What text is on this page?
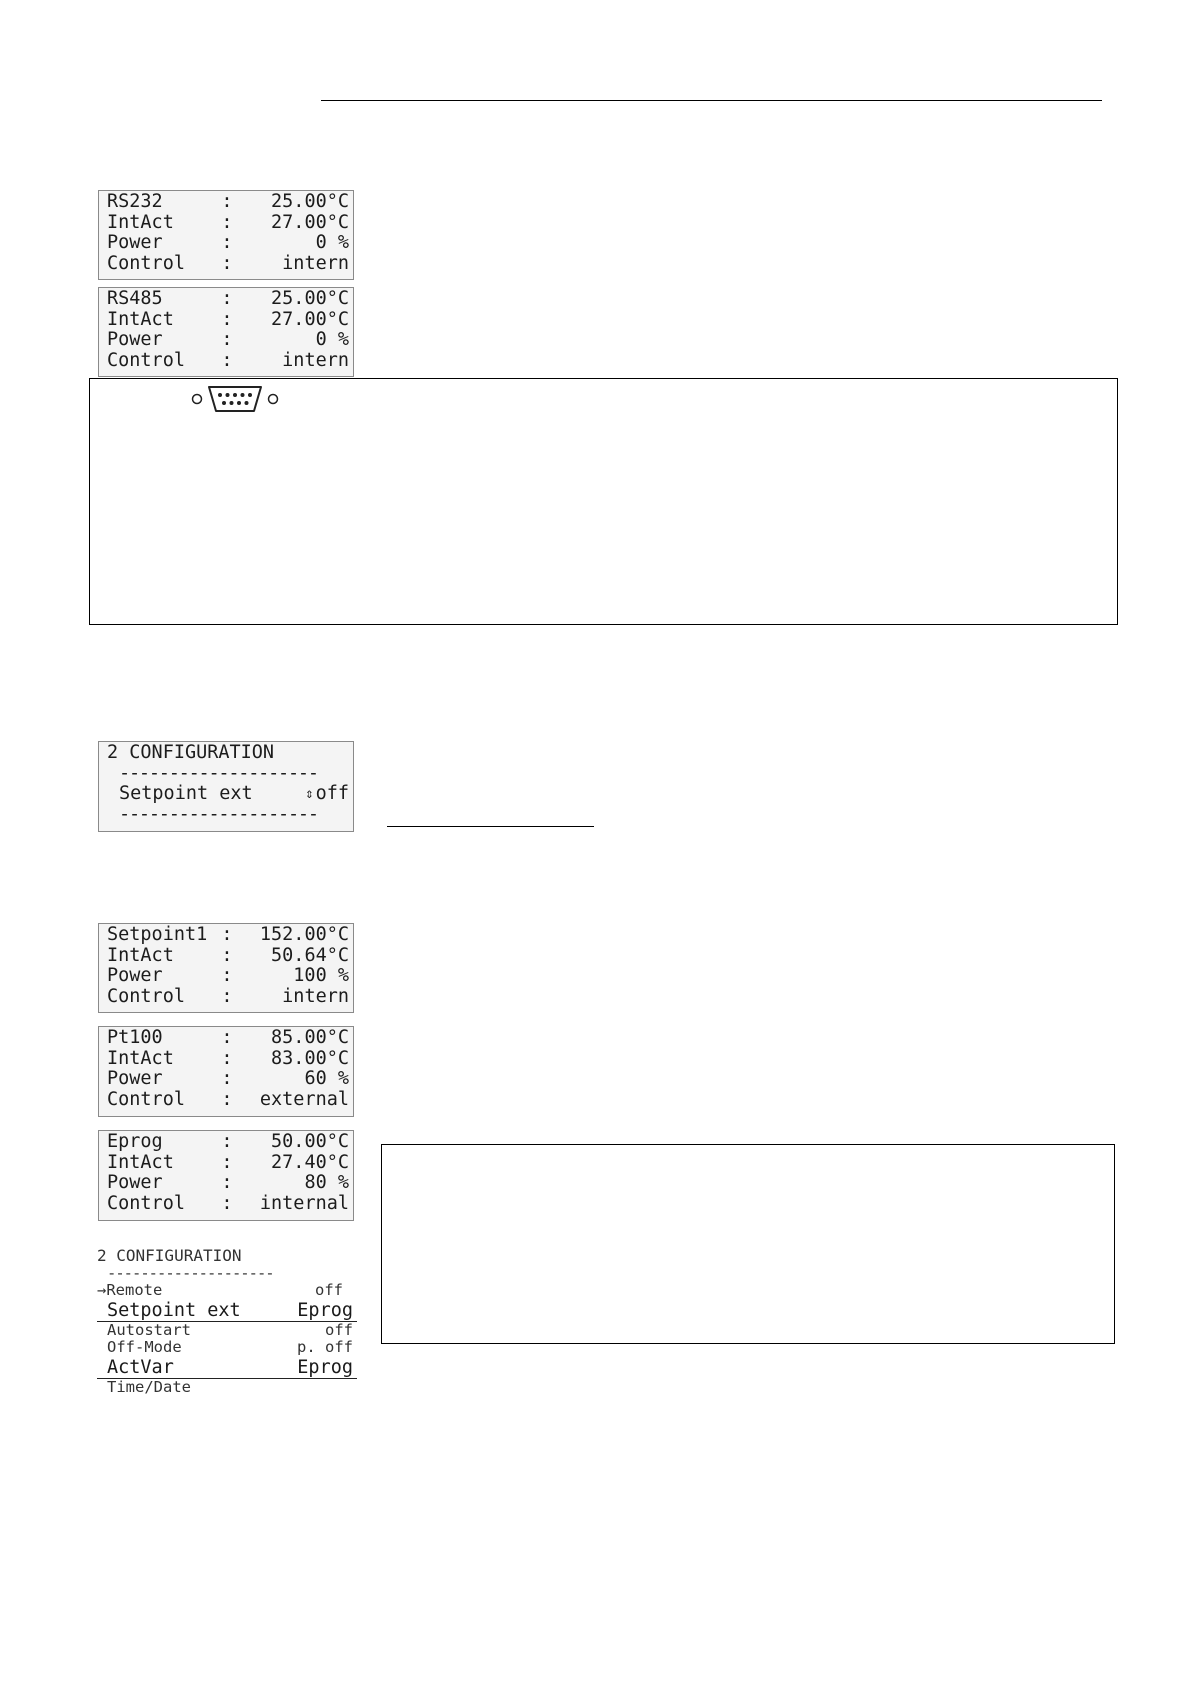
RS232	:	25.00°C
IntAct	:	27.00°C
Power	:	0 %
Control	:	intern
RS485	:	25.00°C
IntAct	:	27.00°C
Power	:	0 %
Control	:	intern
2 CONFIGURATION
--------------------
Setpoint ext	⇕ off
--------------------
Setpoint1 :	152.00°C
IntAct	:	50.64°C
Power	:	100 %
Control	:	intern
Pt100	:	85.00°C
IntAct	:	83.00°C
Power	:	60 %
Control	:	external
Eprog	:	50.00°C
IntAct	:	27.40°C
Power	:	80 %
Control	:	internal
2 CONFIGURATION
--------------------
→Remote	off
Setpoint ext	Eprog
Autostart	off
Off-Mode	p. off
ActVar	Eprog
Time/Date
